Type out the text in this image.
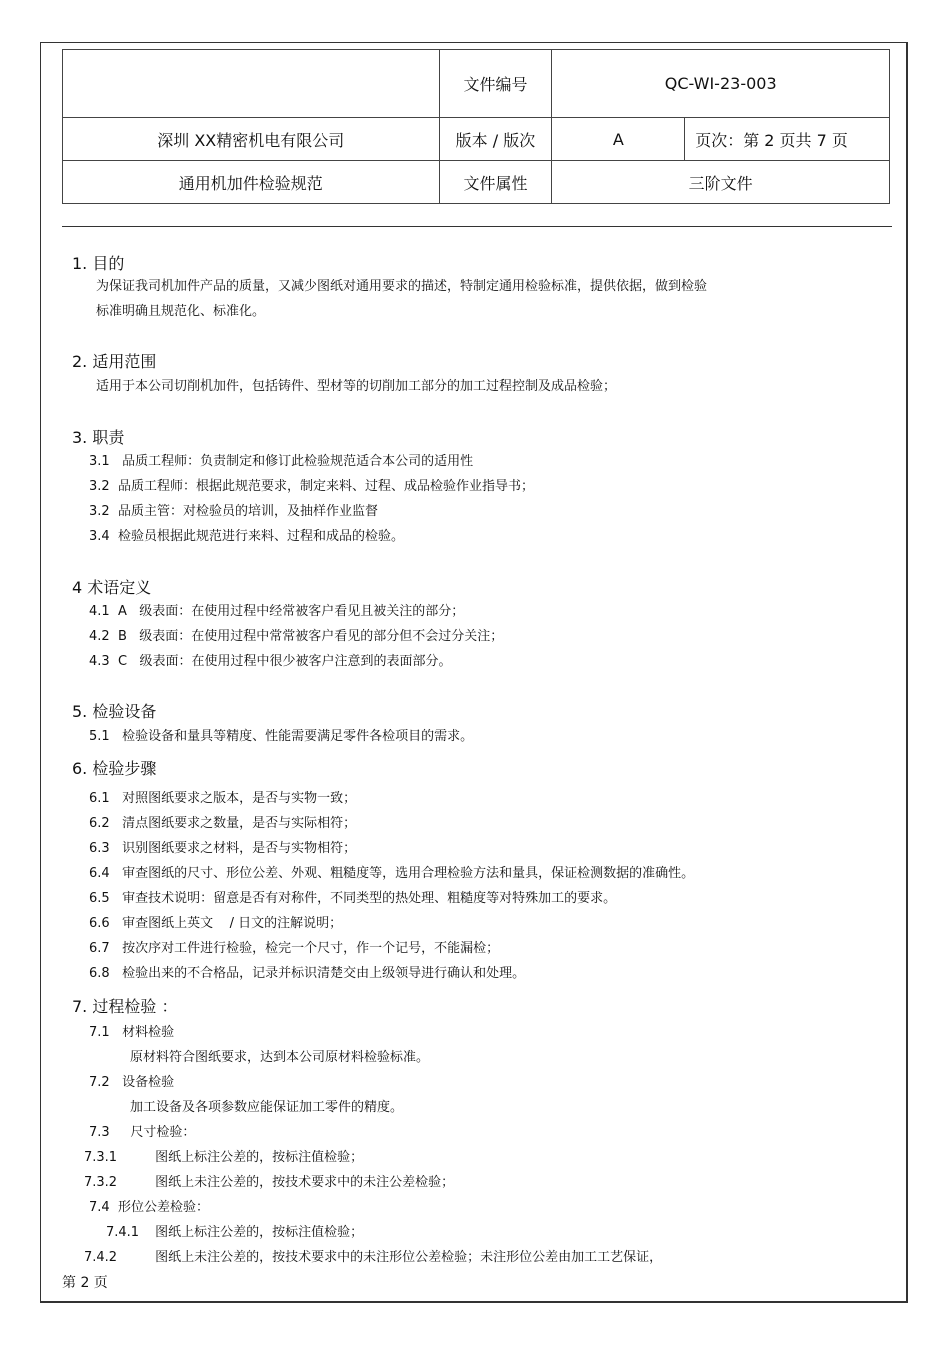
	文件编号	QC-WI-23-003	
深圳 XX精密机电有限公司	版本 / 版次	A	页次：第 2 页共 7 页
通用机加件检验规范	文件属性	三阶文件	
1. 目的
为保证我司机加件产品的质量，又减少图纸对通用要求的描述，特制定通用检验标准，提供依据，做到检验
标准明确且规范化、标准化。
2. 适用范围
适用于本公司切削机加件，包括铸件、型材等的切削加工部分的加工过程控制及成品检验；
3. 职责
3.1 品质工程师：负责制定和修订此检验规范适合本公司的适用性
3.2 品质工程师：根据此规范要求，制定来料、过程、成品检验作业指导书；
3.2 品质主管：对检验员的培训，及抽样作业监督
3.4 检验员根据此规范进行来料、过程和成品的检验。
4 术语定义
4.1 A 级表面：在使用过程中经常被客户看见且被关注的部分；
4.2 B 级表面：在使用过程中常常被客户看见的部分但不会过分关注；
4.3 C 级表面：在使用过程中很少被客户注意到的表面部分。
5. 检验设备
5.1 检验设备和量具等精度、性能需要满足零件各检项目的需求。
6. 检验步骤
6.1 对照图纸要求之版本，是否与实物一致；
6.2 清点图纸要求之数量，是否与实际相符；
6.3 识别图纸要求之材料，是否与实物相符；
6.4 审查图纸的尺寸、形位公差、外观、粗糙度等，选用合理检验方法和量具，保证检测数据的准确性。
6.5 审查技术说明：留意是否有对称件，不同类型的热处理、粗糙度等对特殊加工的要求。
6.6 审查图纸上英文    / 日文的注解说明；
6.7 按次序对工件进行检验，检完一个尺寸，作一个记号，不能漏检；
6.8 检验出来的不合格品，记录并标识清楚交由上级领导进行确认和处理。
7. 过程检验 ：
7.1 材料检验
原材料符合图纸要求，达到本公司原材料检验标准。
7.2 设备检验
加工设备及各项参数应能保证加工零件的精度。
7.3 尺寸检验：
7.3.1	图纸上标注公差的，按标注值检验；
7.3.2	图纸上未注公差的，按技术要求中的未注公差检验；
7.4 形位公差检验：
7.4.1 图纸上标注公差的，按标注值检验；
7.4.2	图纸上未注公差的，按技术要求中的未注形位公差检验；未注形位公差由加工工艺保证，
第 2 页
